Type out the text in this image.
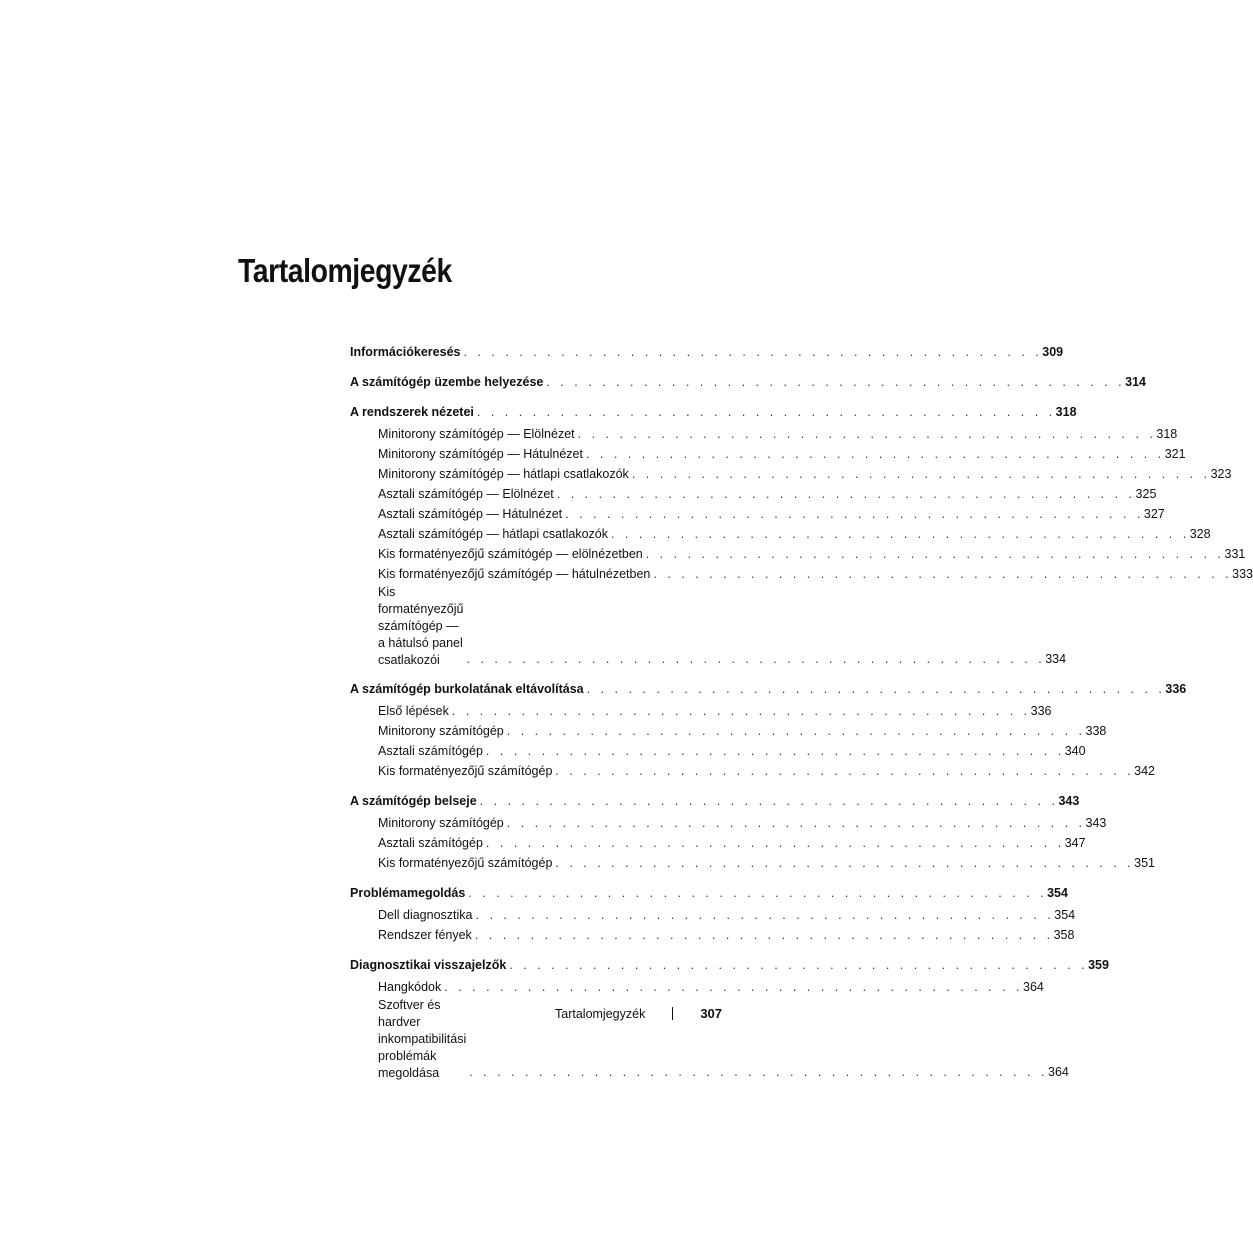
Tartalomjegyzék
Információkeresés . . . . . . . . . . . . . . . . . . . . . . . . . . . . . . . . . . . . . . . . . . 309
A számítógép üzembe helyezése . . . . . . . . . . . . . . . . . . . . . . . . . . . . . . . . . . . . . . . . . . 314
A rendszerek nézetei . . . . . . . . . . . . . . . . . . . . . . . . . . . . . . . . . . . . . . . . . . 318
Minitorony számítógép — Elölnézet . . . . . . . . . . . . . . . . . . . . . . . . . . . . . . . . . . . . . . . . . . 318
Minitorony számítógép — Hátulnézet . . . . . . . . . . . . . . . . . . . . . . . . . . . . . . . . . . . . . . . . . . 321
Minitorony számítógép — hátlapi csatlakozók . . . . . . . . . . . . . . . . . . . . . . . . . . . . . . . . . . . . . . . . . . 323
Asztali számítógép — Elölnézet . . . . . . . . . . . . . . . . . . . . . . . . . . . . . . . . . . . . . . . . . . 325
Asztali számítógép — Hátulnézet . . . . . . . . . . . . . . . . . . . . . . . . . . . . . . . . . . . . . . . . . . 327
Asztali számítógép — hátlapi csatlakozók . . . . . . . . . . . . . . . . . . . . . . . . . . . . . . . . . . . . . . . . . . 328
Kis formatényezőjű számítógép — elölnézetben . . . . . . . . . . . . . . . . . . . . . . . . . . . . . . . . . . . . . . . . . . 331
Kis formatényezőjű számítógép — hátulnézetben . . . . . . . . . . . . . . . . . . . . . . . . . . . . . . . . . . . . . . . . . . 333
Kis formatényezőjű számítógép — a hátulsó panel csatlakozói	. . . . . . . . . . . . . . . . . . . . . . . . . . . . . . . . . . . . . . . . . . 334
A számítógép burkolatának eltávolítása . . . . . . . . . . . . . . . . . . . . . . . . . . . . . . . . . . . . . . . . . . 336
Első lépések . . . . . . . . . . . . . . . . . . . . . . . . . . . . . . . . . . . . . . . . . . 336
Minitorony számítógép . . . . . . . . . . . . . . . . . . . . . . . . . . . . . . . . . . . . . . . . . . 338
Asztali számítógép . . . . . . . . . . . . . . . . . . . . . . . . . . . . . . . . . . . . . . . . . . 340
Kis formatényezőjű számítógép . . . . . . . . . . . . . . . . . . . . . . . . . . . . . . . . . . . . . . . . . . 342
A számítógép belseje . . . . . . . . . . . . . . . . . . . . . . . . . . . . . . . . . . . . . . . . . . 343
Minitorony számítógép . . . . . . . . . . . . . . . . . . . . . . . . . . . . . . . . . . . . . . . . . . 343
Asztali számítógép . . . . . . . . . . . . . . . . . . . . . . . . . . . . . . . . . . . . . . . . . . 347
Kis formatényezőjű számítógép . . . . . . . . . . . . . . . . . . . . . . . . . . . . . . . . . . . . . . . . . . 351
Problémamegoldás . . . . . . . . . . . . . . . . . . . . . . . . . . . . . . . . . . . . . . . . . . 354
Dell diagnosztika . . . . . . . . . . . . . . . . . . . . . . . . . . . . . . . . . . . . . . . . . . 354
Rendszer fények . . . . . . . . . . . . . . . . . . . . . . . . . . . . . . . . . . . . . . . . . . 358
Diagnosztikai visszajelzők . . . . . . . . . . . . . . . . . . . . . . . . . . . . . . . . . . . . . . . . . . 359
Hangkódok . . . . . . . . . . . . . . . . . . . . . . . . . . . . . . . . . . . . . . . . . . 364
Szoftver és hardver inkompatibilitási problémák megoldása	. . . . . . . . . . . . . . . . . . . . . . . . . . . . . . . . . . . . . . . . . . 364
Tartalomjegyzék	307
